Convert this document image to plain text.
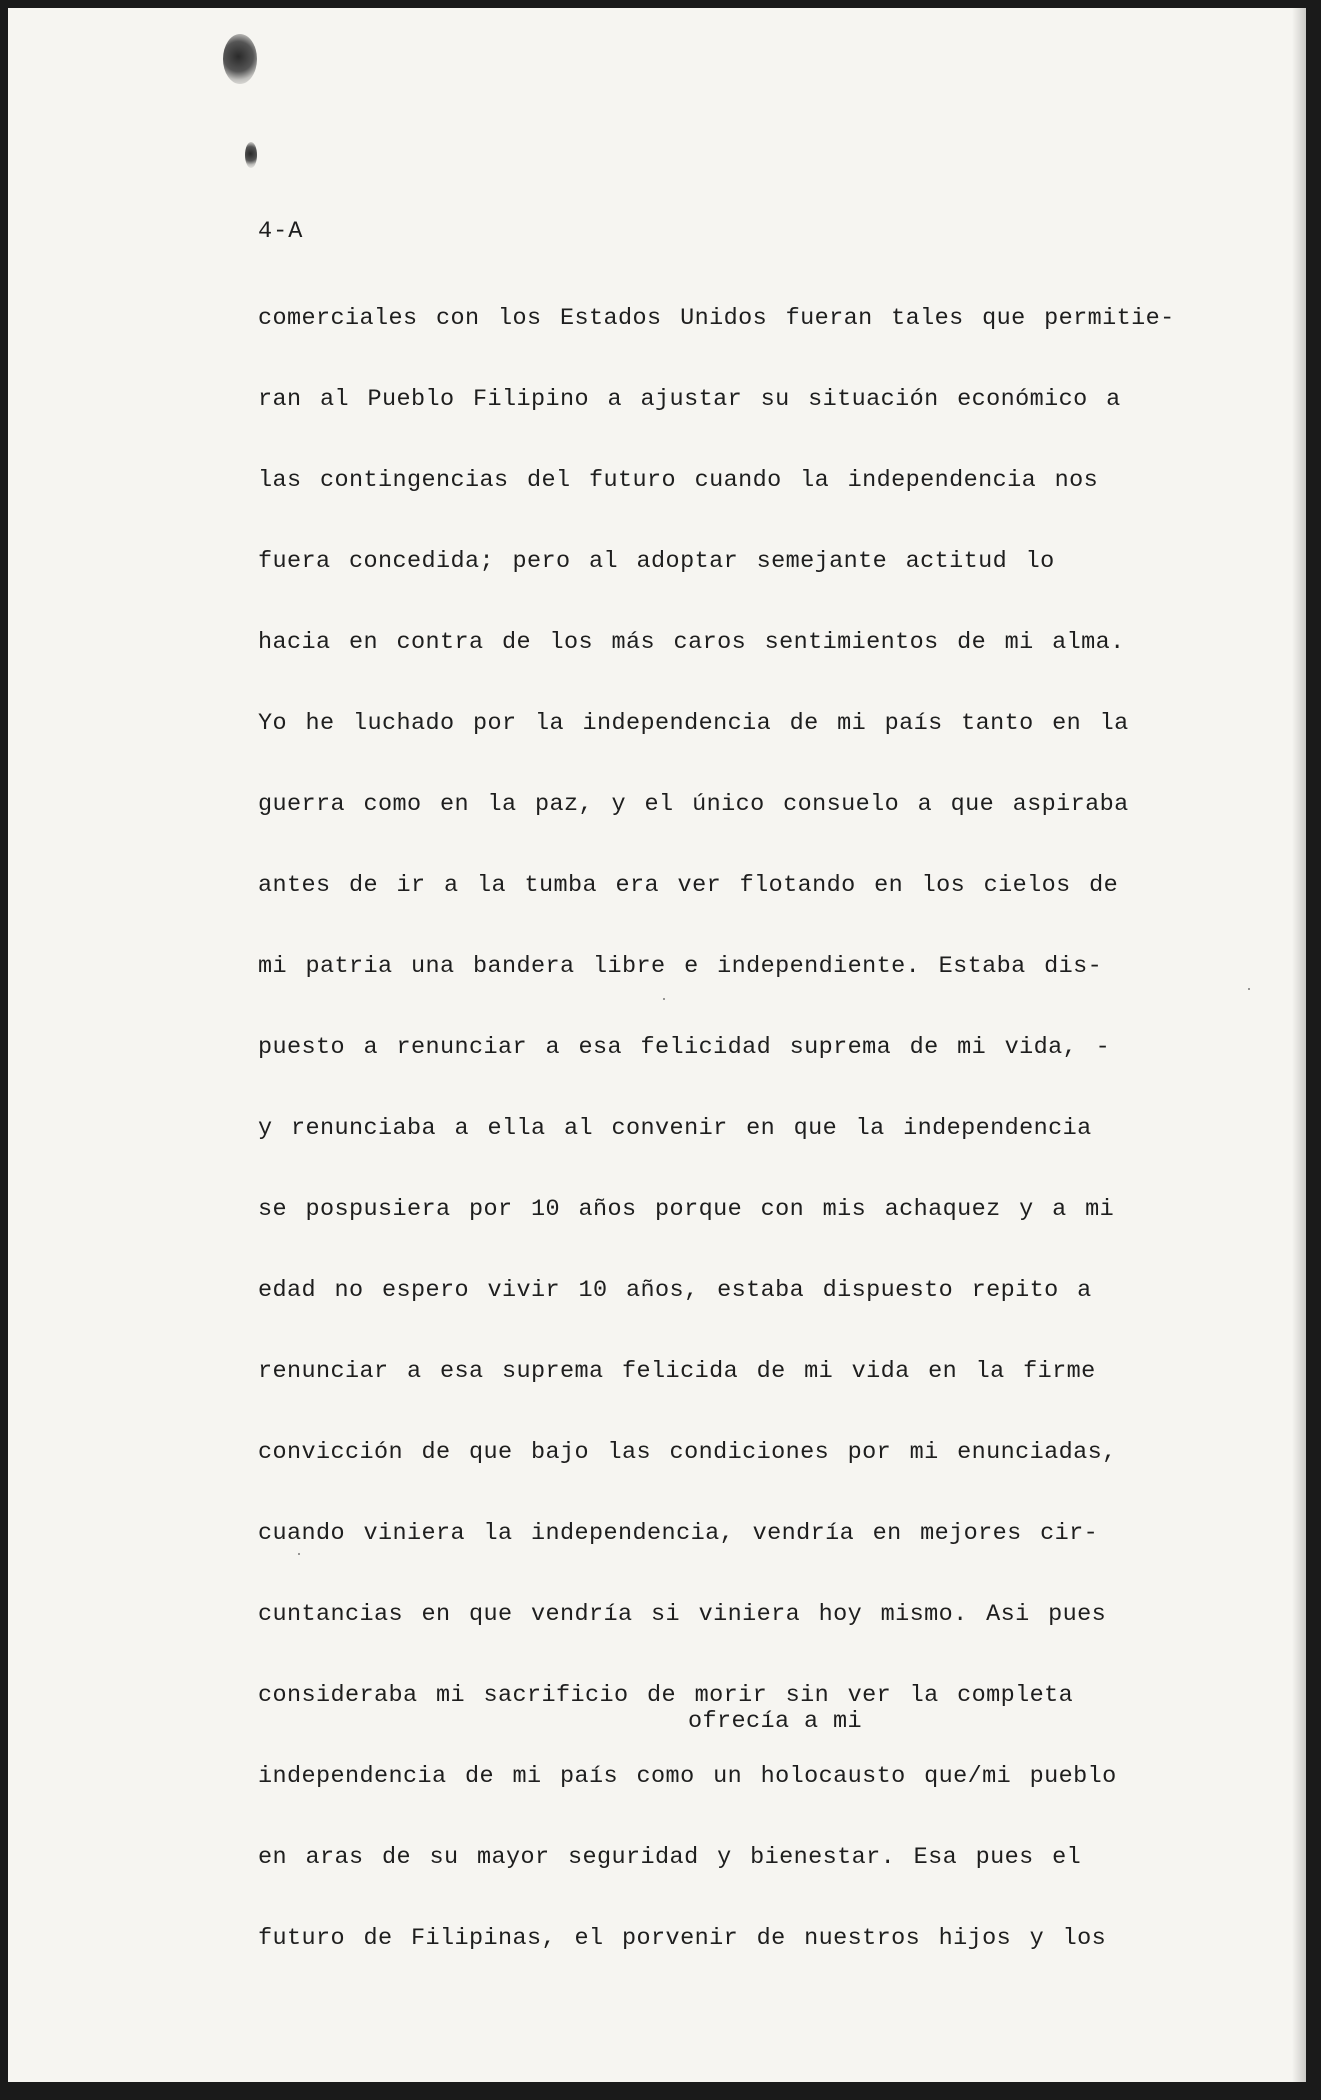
4-A
comerciales con los Estados Unidos fueran tales que permitie-
ran al Pueblo Filipino a ajustar su situación económico a
las contingencias del futuro cuando la independencia nos
fuera concedida; pero al adoptar semejante actitud lo
hacia en contra de los más caros sentimientos de mi alma.
Yo he luchado por la independencia de mi país tanto en la
guerra como en la paz, y el único consuelo a que aspiraba
antes de ir a la tumba era ver flotando en los cielos de
mi patria una bandera libre e independiente. Estaba dis-
puesto a renunciar a esa felicidad suprema de mi vida, -
y renunciaba a ella al convenir en que la independencia
se pospusiera por 10 años porque con mis achaquez y a mi
edad no espero vivir 10 años, estaba dispuesto repito a
renunciar a esa suprema felicida de mi vida en la firme
convicción de que bajo las condiciones por mi enunciadas,
cuando viniera la independencia, vendría en mejores cir-
cuntancias en que vendría si viniera hoy mismo. Asi pues
consideraba mi sacrificio de morir sin ver la completa
independencia de mi país como un holocausto que/mi pueblo
en aras de su mayor seguridad y bienestar. Esa pues el
futuro de Filipinas, el porvenir de nuestros hijos y los
ofrecía a mi
